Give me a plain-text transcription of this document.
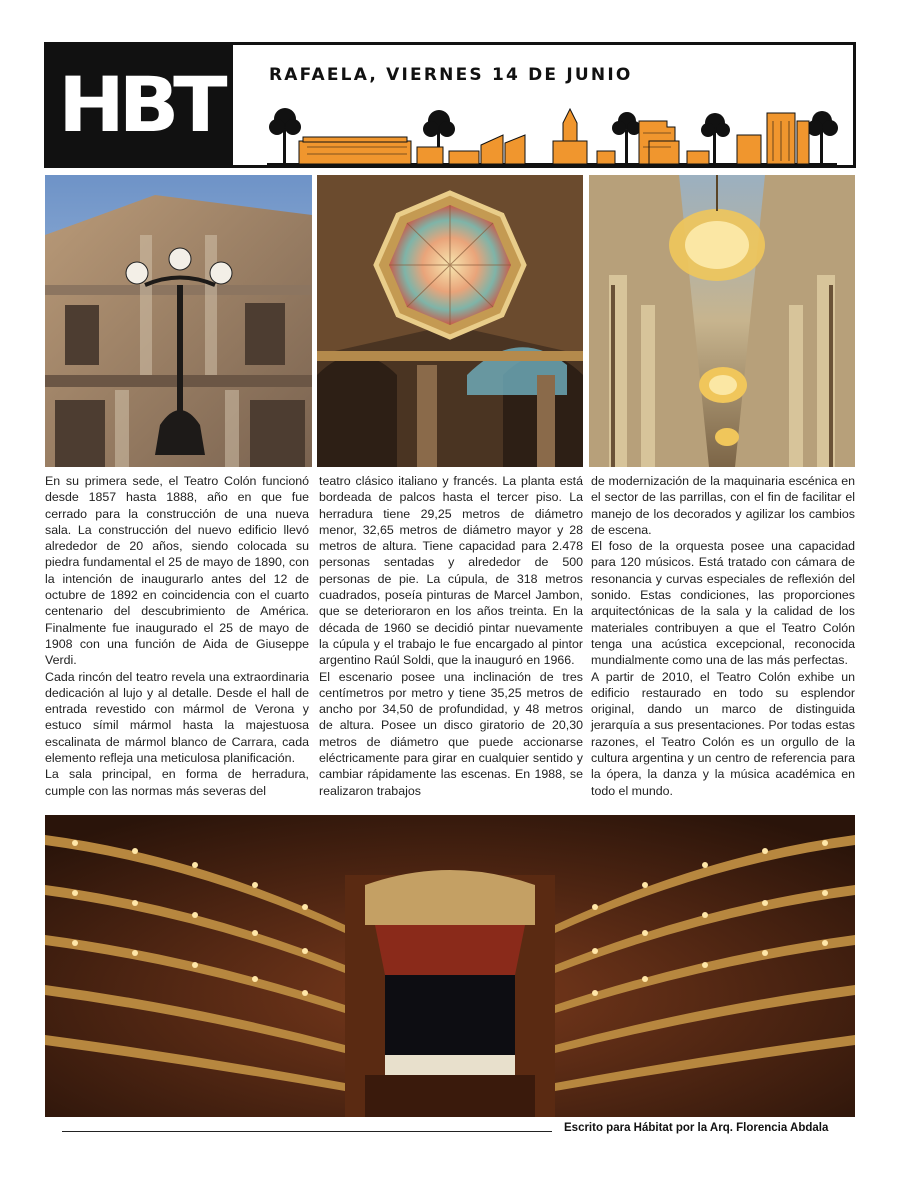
HBT	RAFAELA, VIERNES 14 DE JUNIO

En su primera sede, el Teatro Colón funcionó desde 1857 hasta 1888, año en que fue cerrado para la construcción de una nueva sala. La construcción del nuevo edificio llevó alrededor de 20 años, siendo colocada su piedra fundamental el 25 de mayo de 1890, con la intención de inaugurarlo antes del 12 de octubre de 1892 en coincidencia con el cuarto centenario del descubrimiento de América. Finalmente fue inaugurado el 25 de mayo de 1908 con una función de Aida de Giuseppe Verdi.

Cada rincón del teatro revela una extraordinaria dedicación al lujo y al detalle. Desde el hall de entrada revestido con mármol de Verona y estuco símil mármol hasta la majestuosa escalinata de mármol blanco de Carrara, cada elemento refleja una meticulosa planificación.

La sala principal, en forma de herradura, cumple con las normas más severas del

teatro clásico italiano y francés. La planta está bordeada de palcos hasta el tercer piso. La herradura tiene 29,25 metros de diámetro menor, 32,65 metros de diámetro mayor y 28 metros de altura. Tiene capacidad para 2.478 personas sentadas y alrededor de 500 personas de pie. La cúpula, de 318 metros cuadrados, poseía pinturas de Marcel Jambon, que se deterioraron en los años treinta. En la década de 1960 se decidió pintar nuevamente la cúpula y el trabajo le fue encargado al pintor argentino Raúl Soldi, que la inauguró en 1966.

El escenario posee una inclinación de tres centímetros por metro y tiene 35,25 metros de ancho por 34,50 de profundidad, y 48 metros de altura. Posee un disco giratorio de 20,30 metros de diámetro que puede accionarse eléctricamente para girar en cualquier sentido y cambiar rápidamente las escenas. En 1988, se realizaron trabajos

de modernización de la maquinaria escénica en el sector de las parrillas, con el fin de facilitar el manejo de los decorados y agilizar los cambios de escena.

El foso de la orquesta posee una capacidad para 120 músicos. Está tratado con cámara de resonancia y curvas especiales de reflexión del sonido. Estas condiciones, las proporciones arquitectónicas de la sala y la calidad de los materiales contribuyen a que el Teatro Colón tenga una acústica excepcional, reconocida mundialmente como una de las más perfectas.

A partir de 2010, el Teatro Colón exhibe un edificio restaurado en todo su esplendor original, dando un marco de distinguida jerarquía a sus presentaciones. Por todas estas razones, el Teatro Colón es un orgullo de la cultura argentina y un centro de referencia para la ópera, la danza y la música académica en todo el mundo.

Escrito para Hábitat por la Arq. Florencia Abdala
